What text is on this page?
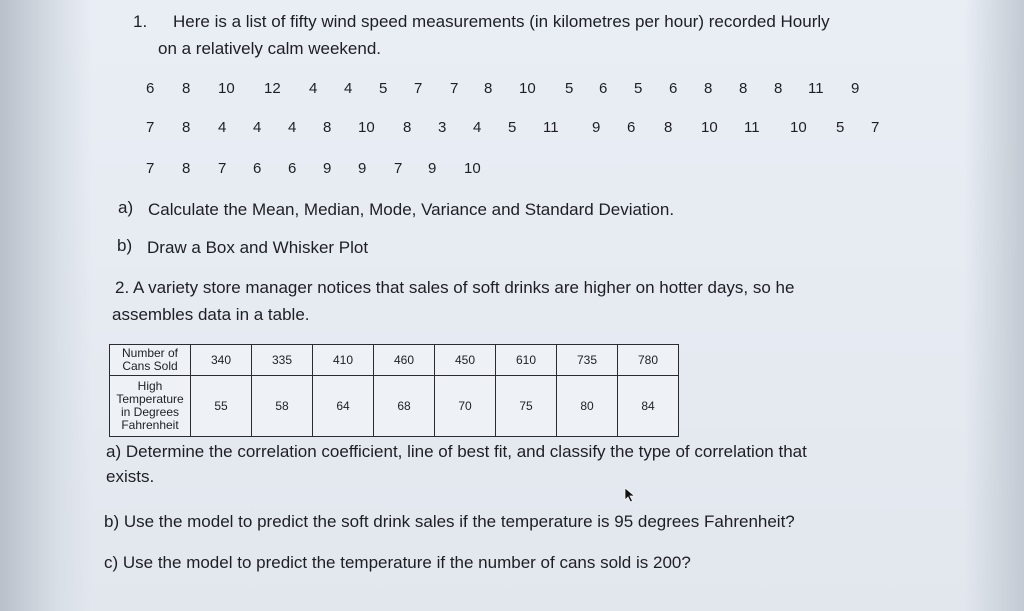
1. Here is a list of fifty wind speed measurements (in kilometres per hour) recorded Hourly
on a relatively calm weekend.
6 8 10 12 4 4 5 7 7 8 10 5 6 5 6 8 8 8 11 9
7 8 4 4 4 8 10 8 3 4 5 11 9 6 8 10 11 10 5 7
7 8 7 6 6 9 9 7 9 10
a) Calculate the Mean, Median, Mode, Variance and Standard Deviation.
b) Draw a Box and Whisker Plot
2. A variety store manager notices that sales of soft drinks are higher on hotter days, so he
assembles data in a table.
Number of
Cans Sold	340	335	410	460	450	610	735	780

High
Temperature
in Degrees
Fahrenheit	55	58	64	68	70	75	80	84
a) Determine the correlation coefficient, line of best fit, and classify the type of correlation that
exists.
b) Use the model to predict the soft drink sales if the temperature is 95 degrees Fahrenheit?
c) Use the model to predict the temperature if the number of cans sold is 200?
